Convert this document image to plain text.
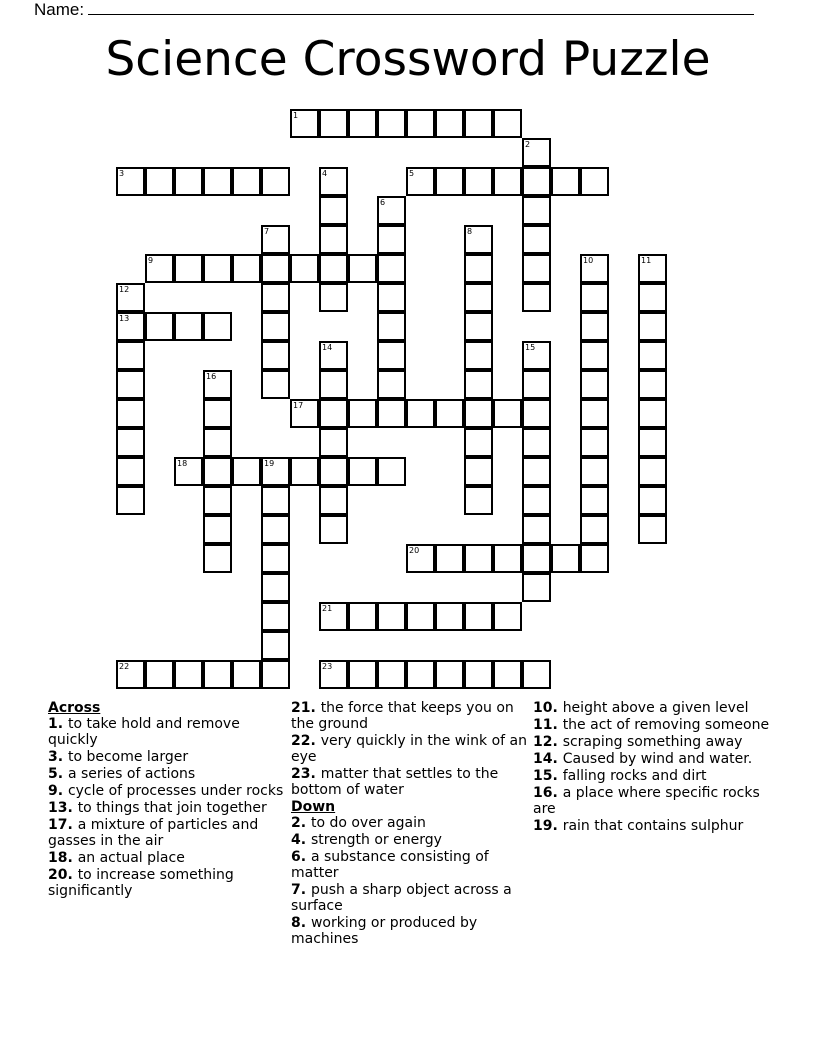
Name:
Science Crossword Puzzle
1
2
3	4	5
6
7	8
9	10	11
12
13
14	15
16
17
18	19
20
21
22	23
Across
1. to take hold and remove quickly
3. to become larger
5. a series of actions
9. cycle of processes under rocks
13. to things that join together
17. a mixture of particles and gasses in the air
18. an actual place
20. to increase something significantly
21. the force that keeps you on the ground
22. very quickly in the wink of an eye
23. matter that settles to the bottom of water
Down
2. to do over again
4. strength or energy
6. a substance consisting of matter
7. push a sharp object across a surface
8. working or produced by machines
10. height above a given level
11. the act of removing someone
12. scraping something away
14. Caused by wind and water.
15. falling rocks and dirt
16. a place where specific rocks are
19. rain that contains sulphur
